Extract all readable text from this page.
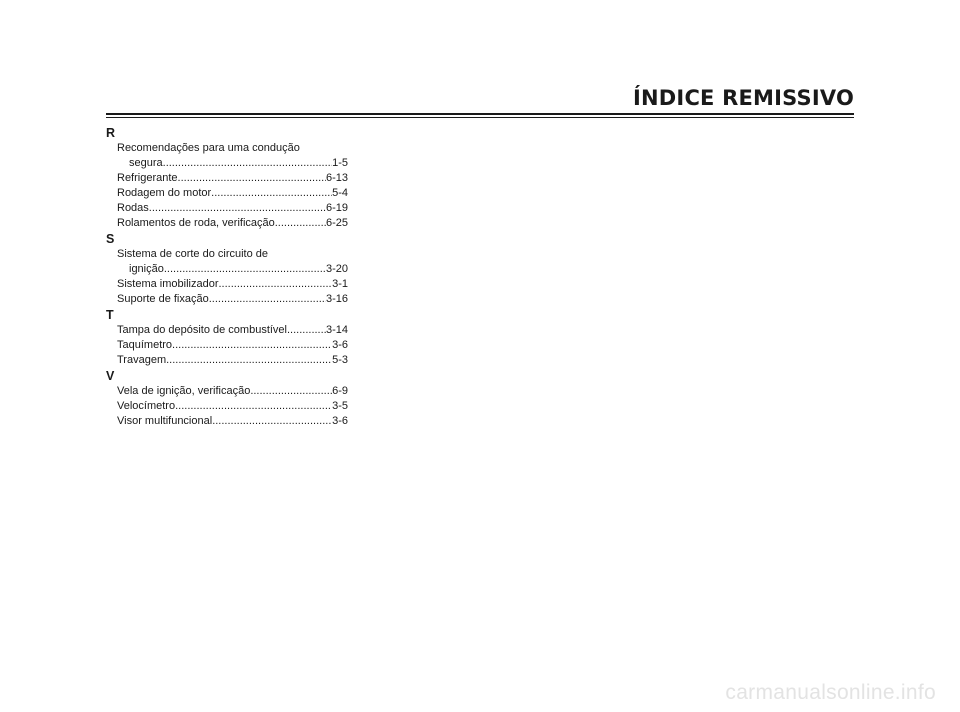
ÍNDICE REMISSIVO
R
Recomendações para uma condução
segura .....	1-5
Refrigerante .....	6-13
Rodagem do motor .....	5-4
Rodas .....	6-19
Rolamentos de roda, verificação .....	6-25
S
Sistema de corte do circuito de
ignição .....	3-20
Sistema imobilizador .....	3-1
Suporte de fixação .....	3-16
T
Tampa do depósito de combustível .....	3-14
Taquímetro .....	3-6
Travagem .....	5-3
V
Vela de ignição, verificação .....	6-9
Velocímetro .....	3-5
Visor multifuncional .....	3-6
carmanualsonline.info
